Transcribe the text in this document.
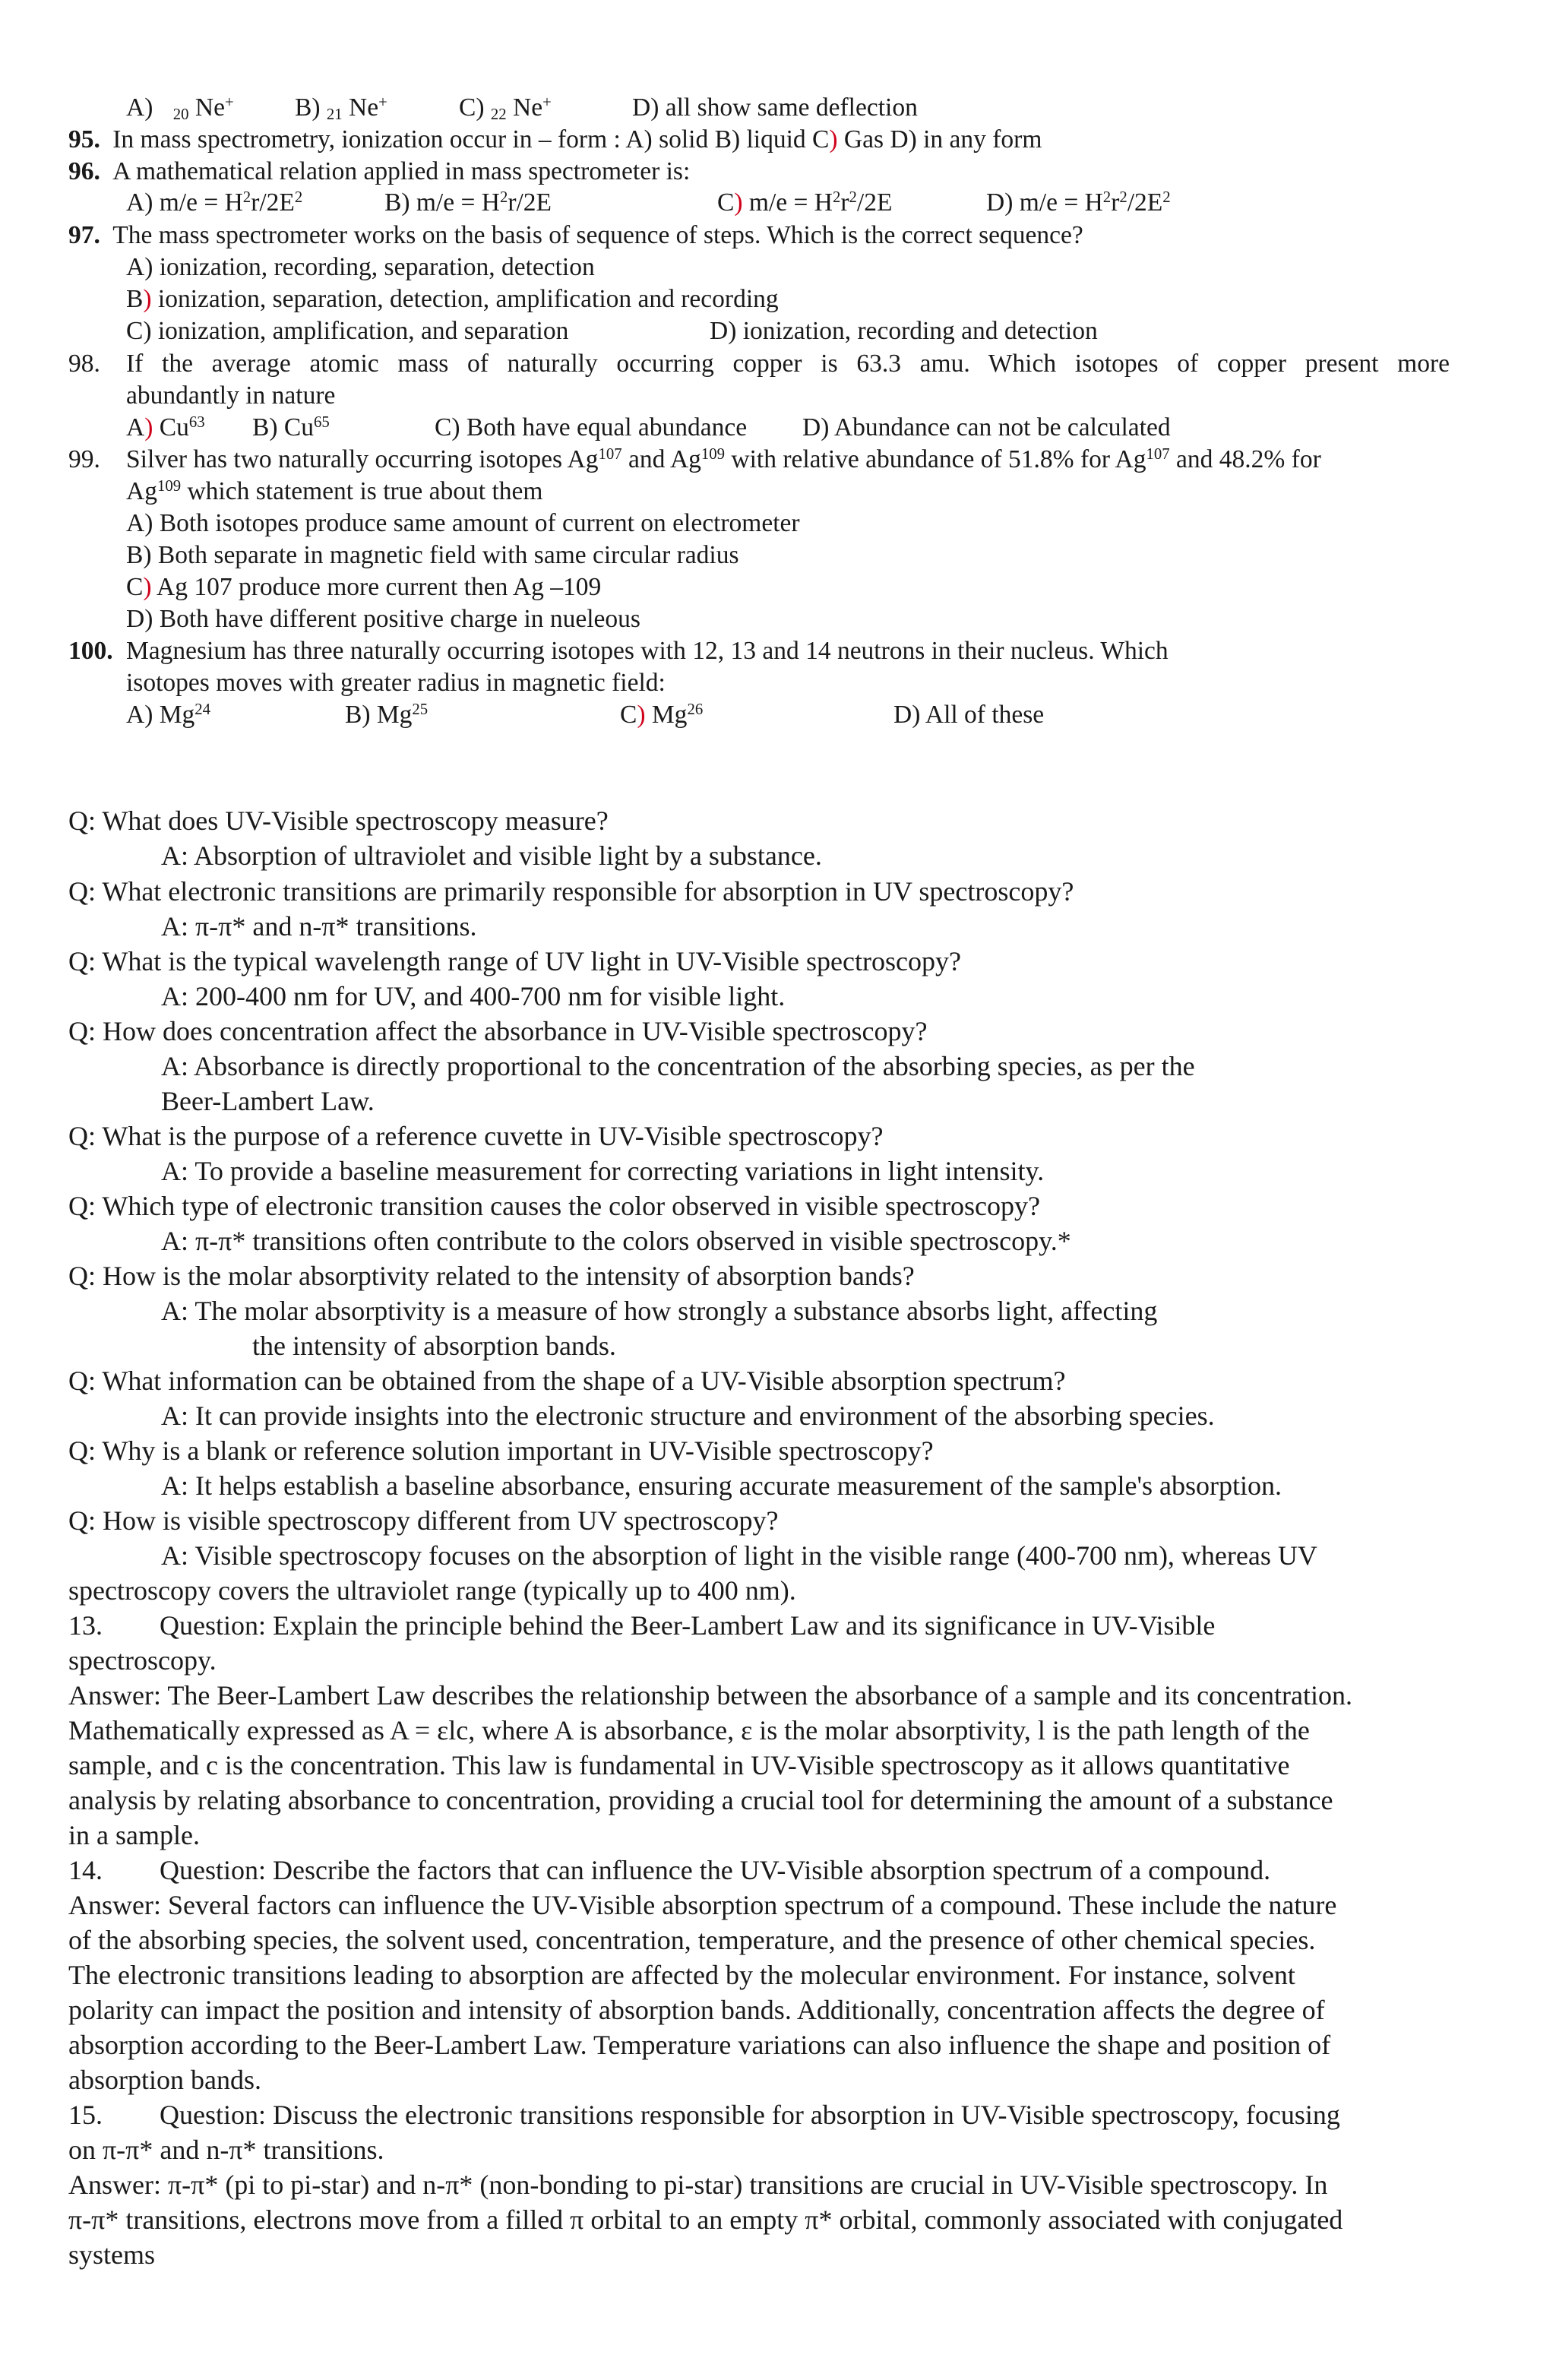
A) $_{20}$ Ne+ B) $_{21}$ Ne+	C) $_{22}$ Ne+	D) all show same deflection
95. In mass spectrometry, ionization occur in – form : A) solid B) liquid C) Gas D) in any form
96. A mathematical relation applied in mass spectrometer is:
A) $m/e = H^2r/2E^2$	B) $m/e = H^2r/2E$	C) $m/e = H^2r^2/2E$	D) $m/e = H^2r^2/2E^2$
97. The mass spectrometer works on the basis of sequence of steps. Which is the correct sequence?
A) ionization, recording, separation, detection
B) ionization, separation, detection, amplification and recording
C) ionization, amplification, and separation	D) ionization, recording and detection
98. If the average atomic mass of naturally occurring copper is 63.3 amu. Which isotopes of copper present more
abundantly in nature
A) Cu$^{63}$ B) Cu$^{65}$	C) Both have equal abundance D) Abundance can not be calculated
99. Silver has two naturally occurring isotopes Ag$^{107}$ and Ag$^{109}$ with relative abundance of 51.8% for Ag$^{107}$ and 48.2% for
Ag$^{109}$ which statement is true about them
A) Both isotopes produce same amount of current on electrometer
B) Both separate in magnetic field with same circular radius
C) Ag 107 produce more current then Ag –109
D) Both have different positive charge in nueleous
100. Magnesium has three naturally occurring isotopes with 12, 13 and 14 neutrons in their nucleus. Which
isotopes moves with greater radius in magnetic field:
A) Mg$^{24}$	B) Mg$^{25}$	C) Mg$^{26}$	D) All of these
Q: What does UV-Visible spectroscopy measure?
A: Absorption of ultraviolet and visible light by a substance.
Q: What electronic transitions are primarily responsible for absorption in UV spectroscopy?
A: π-π* and n-π* transitions.
Q: What is the typical wavelength range of UV light in UV-Visible spectroscopy?
A: 200-400 nm for UV, and 400-700 nm for visible light.
Q: How does concentration affect the absorbance in UV-Visible spectroscopy?
A: Absorbance is directly proportional to the concentration of the absorbing species, as per the
Beer-Lambert Law.
Q: What is the purpose of a reference cuvette in UV-Visible spectroscopy?
A: To provide a baseline measurement for correcting variations in light intensity.
Q: Which type of electronic transition causes the color observed in visible spectroscopy?
A: π-π* transitions often contribute to the colors observed in visible spectroscopy.*
Q: How is the molar absorptivity related to the intensity of absorption bands?
A: The molar absorptivity is a measure of how strongly a substance absorbs light, affecting
the intensity of absorption bands.
Q: What information can be obtained from the shape of a UV-Visible absorption spectrum?
A: It can provide insights into the electronic structure and environment of the absorbing species.
Q: Why is a blank or reference solution important in UV-Visible spectroscopy?
A: It helps establish a baseline absorbance, ensuring accurate measurement of the sample's absorption.
Q: How is visible spectroscopy different from UV spectroscopy?
A: Visible spectroscopy focuses on the absorption of light in the visible range (400-700 nm), whereas UV
spectroscopy covers the ultraviolet range (typically up to 400 nm).
13. Question: Explain the principle behind the Beer-Lambert Law and its significance in UV-Visible
spectroscopy.
Answer: The Beer-Lambert Law describes the relationship between the absorbance of a sample and its concentration.
Mathematically expressed as A = εlc, where A is absorbance, ε is the molar absorptivity, l is the path length of the
sample, and c is the concentration. This law is fundamental in UV-Visible spectroscopy as it allows quantitative
analysis by relating absorbance to concentration, providing a crucial tool for determining the amount of a substance
in a sample.
14. Question: Describe the factors that can influence the UV-Visible absorption spectrum of a compound.
Answer: Several factors can influence the UV-Visible absorption spectrum of a compound. These include the nature
of the absorbing species, the solvent used, concentration, temperature, and the presence of other chemical species.
The electronic transitions leading to absorption are affected by the molecular environment. For instance, solvent
polarity can impact the position and intensity of absorption bands. Additionally, concentration affects the degree of
absorption according to the Beer-Lambert Law. Temperature variations can also influence the shape and position of
absorption bands.
15. Question: Discuss the electronic transitions responsible for absorption in UV-Visible spectroscopy, focusing
on π-π* and n-π* transitions.
Answer: π-π* (pi to pi-star) and n-π* (non-bonding to pi-star) transitions are crucial in UV-Visible spectroscopy. In
π-π* transitions, electrons move from a filled π orbital to an empty π* orbital, commonly associated with conjugated
systems
